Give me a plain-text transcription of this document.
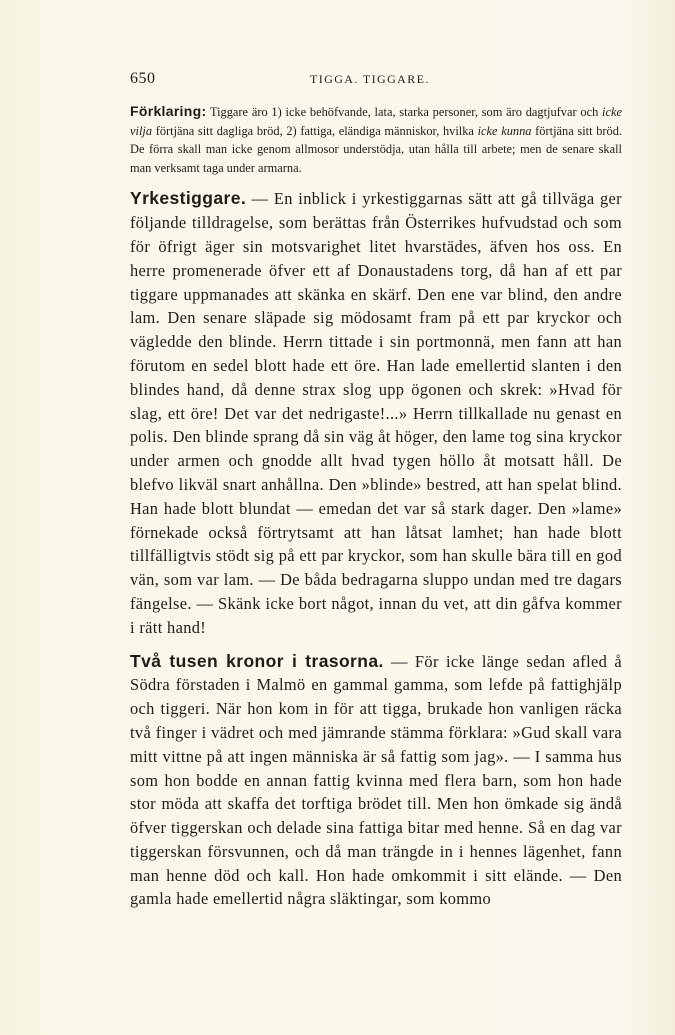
650	TIGGA. TIGGARE.

Förklaring: Tiggare äro 1) icke behöfvande, lata, starka personer, som äro dagtjufvar och icke vilja förtjäna sitt dagliga bröd, 2) fattiga, eländiga människor, hvilka icke kunna förtjäna sitt bröd. De förra skall man icke genom allmosor understödja, utan hålla till arbete; men de senare skall man verksamt taga under armarna.

Yrkestiggare. — En inblick i yrkestiggarnas sätt att gå tillväga ger följande tilldragelse, som berättas från Österrikes hufvudstad och som för öfrigt äger sin motsvarighet litet hvarstädes, äfven hos oss. En herre promenerade öfver ett af Donaustadens torg, då han af ett par tiggare uppmanades att skänka en skärf. Den ene var blind, den andre lam. Den senare släpade sig mödosamt fram på ett par kryckor och vägledde den blinde. Herrn tittade i sin portmonnä, men fann att han förutom en sedel blott hade ett öre. Han lade emellertid slanten i den blindes hand, då denne strax slog upp ögonen och skrek: »Hvad för slag, ett öre! Det var det nedrigaste!...» Herrn tillkallade nu genast en polis. Den blinde sprang då sin väg åt höger, den lame tog sina kryckor under armen och gnodde allt hvad tygen höllo åt motsatt håll. De blefvo likväl snart anhållna. Den »blinde» bestred, att han spelat blind. Han hade blott blundat — emedan det var så stark dager. Den »lame» förnekade också förtrytsamt att han låtsat lamhet; han hade blott tillfälligtvis stödt sig på ett par kryckor, som han skulle bära till en god vän, som var lam. — De båda bedragarna sluppo undan med tre dagars fängelse. — Skänk icke bort något, innan du vet, att din gåfva kommer i rätt hand!

Två tusen kronor i trasorna. — För icke länge sedan afled å Södra förstaden i Malmö en gammal gamma, som lefde på fattighjälp och tiggeri. När hon kom in för att tigga, brukade hon vanligen räcka två finger i vädret och med jämrande stämma förklara: »Gud skall vara mitt vittne på att ingen människa är så fattig som jag». — I samma hus som hon bodde en annan fattig kvinna med flera barn, som hon hade stor möda att skaffa det torftiga brödet till. Men hon ömkade sig ändå öfver tiggerskan och delade sina fattiga bitar med henne. Så en dag var tiggerskan försvunnen, och då man trängde in i hennes lägenhet, fann man henne död och kall. Hon hade omkommit i sitt elände. — Den gamla hade emellertid några släktingar, som kommo
